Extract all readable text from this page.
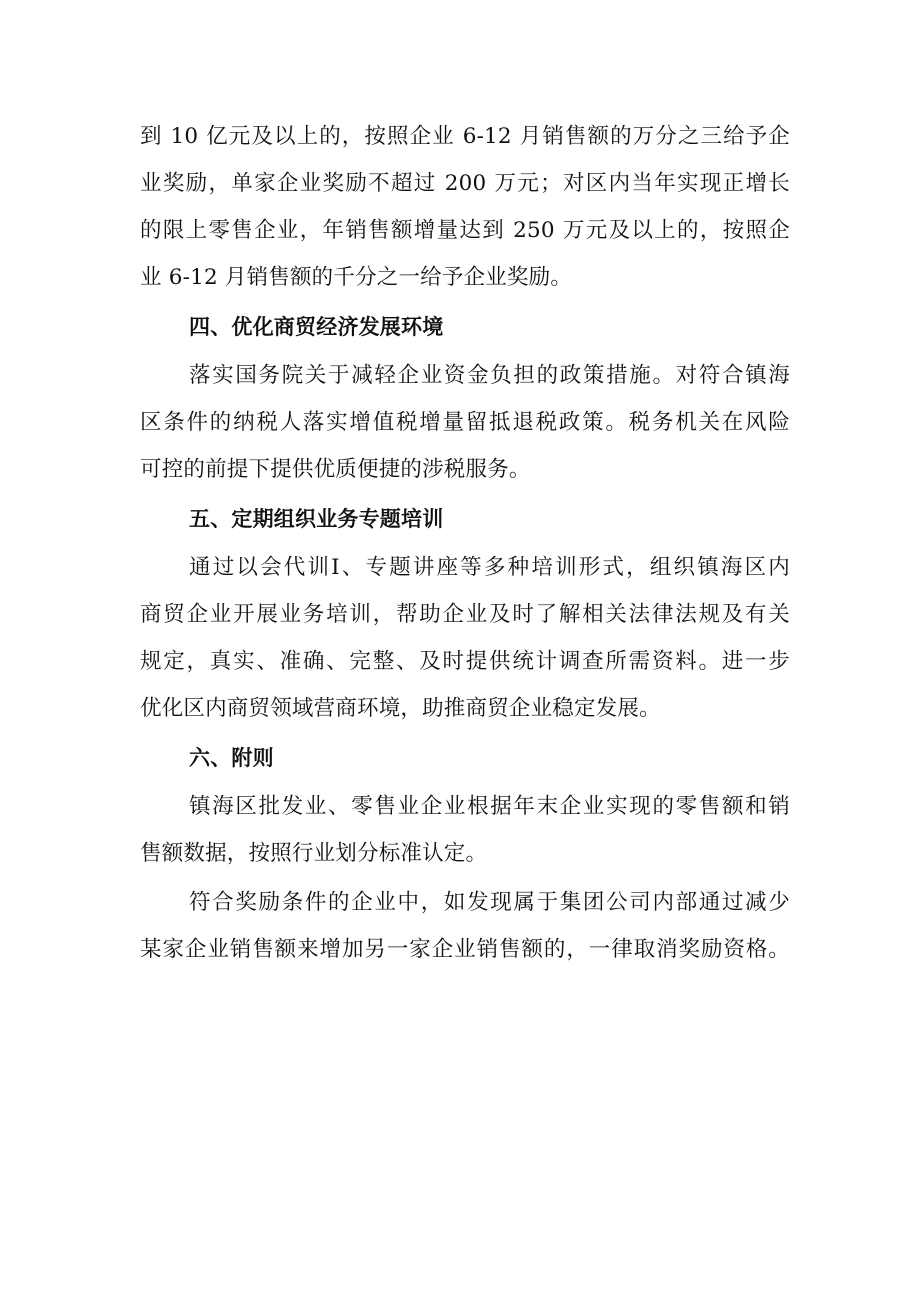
到 10 亿元及以上的，按照企业 6-12 月销售额的万分之三给予企
业奖励，单家企业奖励不超过 200 万元；对区内当年实现正增长
的限上零售企业，年销售额增量达到 250 万元及以上的，按照企
业 6-12 月销售额的千分之一给予企业奖励。
四、优化商贸经济发展环境
落实国务院关于减轻企业资金负担的政策措施。对符合镇海
区条件的纳税人落实增值税增量留抵退税政策。税务机关在风险
可控的前提下提供优质便捷的涉税服务。
五、定期组织业务专题培训
通过以会代训I、专题讲座等多种培训形式，组织镇海区内
商贸企业开展业务培训，帮助企业及时了解相关法律法规及有关
规定，真实、准确、完整、及时提供统计调查所需资料。进一步
优化区内商贸领域营商环境，助推商贸企业稳定发展。
六、附则
镇海区批发业、零售业企业根据年末企业实现的零售额和销
售额数据，按照行业划分标准认定。
符合奖励条件的企业中，如发现属于集团公司内部通过减少
某家企业销售额来增加另一家企业销售额的，一律取消奖励资格。
